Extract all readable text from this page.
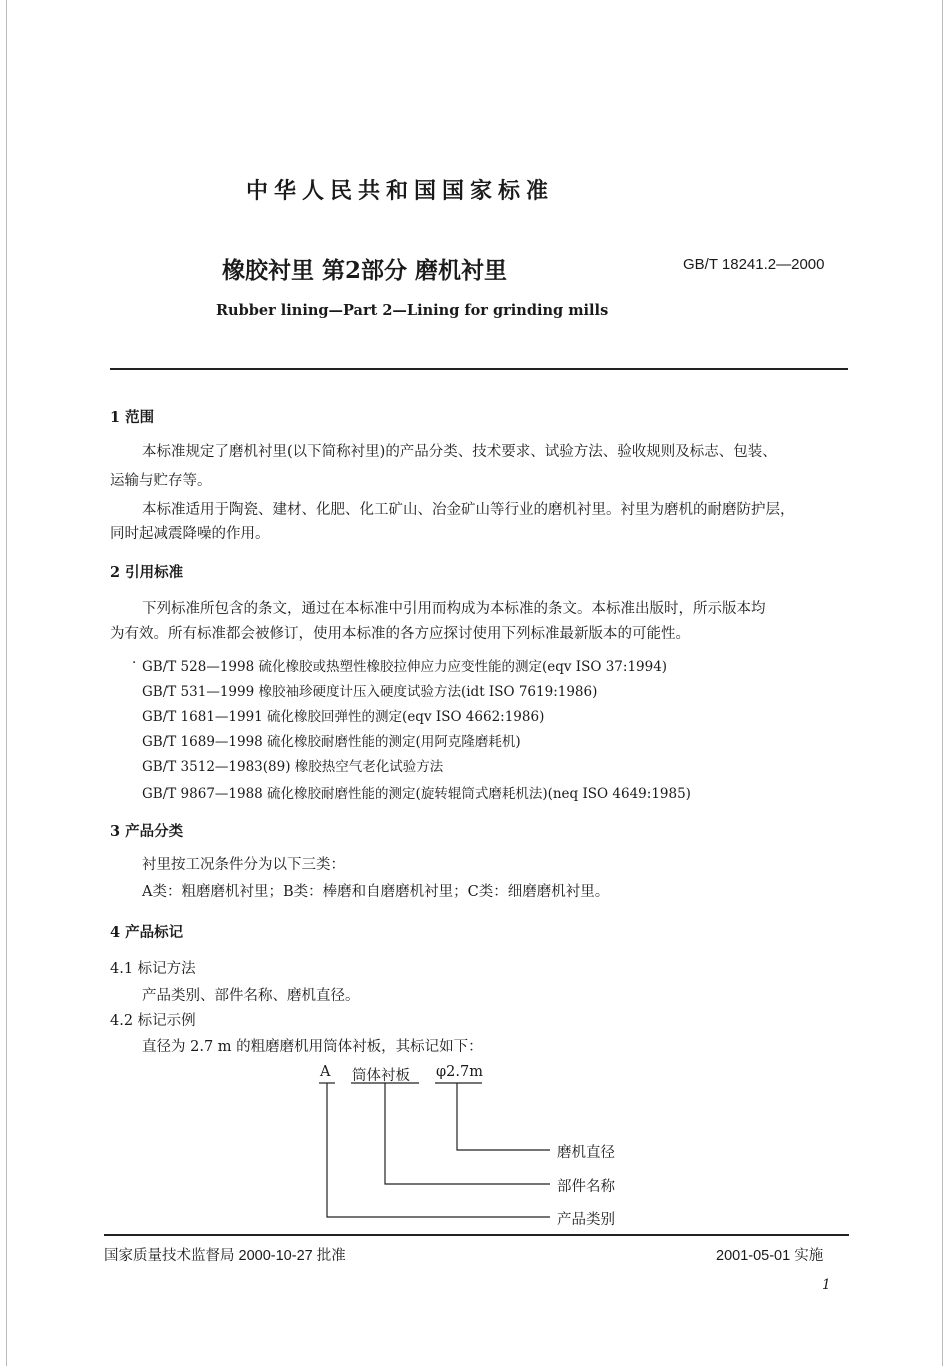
中华人民共和国国家标准
橡胶衬里 第2部分 磨机衬里	GB/T 18241.2—2000
Rubber lining—Part 2—Lining for grinding mills
1 范围
本标准规定了磨机衬里(以下简称衬里)的产品分类、技术要求、试验方法、验收规则及标志、包装、
运输与贮存等。
本标准适用于陶瓷、建材、化肥、化工矿山、冶金矿山等行业的磨机衬里。衬里为磨机的耐磨防护层，
同时起减震降噪的作用。
2 引用标准
下列标准所包含的条文，通过在本标准中引用而构成为本标准的条文。本标准出版时，所示版本均
为有效。所有标准都会被修订，使用本标准的各方应探讨使用下列标准最新版本的可能性。
· GB/T 528—1998 硫化橡胶或热塑性橡胶拉伸应力应变性能的测定(eqv ISO 37:1994)
GB/T 531—1999 橡胶袖珍硬度计压入硬度试验方法(idt ISO 7619:1986)
GB/T 1681—1991 硫化橡胶回弹性的测定(eqv ISO 4662:1986)
GB/T 1689—1998 硫化橡胶耐磨性能的测定(用阿克隆磨耗机)
GB/T 3512—1983(89) 橡胶热空气老化试验方法
GB/T 9867—1988 硫化橡胶耐磨性能的测定(旋转辊筒式磨耗机法)(neq ISO 4649:1985)
3 产品分类
衬里按工况条件分为以下三类：
A类：粗磨磨机衬里；B类：棒磨和自磨磨机衬里；C类：细磨磨机衬里。
4 产品标记
4.1 标记方法
产品类别、部件名称、磨机直径。
4.2 标记示例
直径为 2.7 m 的粗磨磨机用筒体衬板，其标记如下：
A 筒体衬板 φ2.7m
磨机直径
部件名称
产品类别
国家质量技术监督局 2000-10-27 批准	2001-05-01 实施
1
